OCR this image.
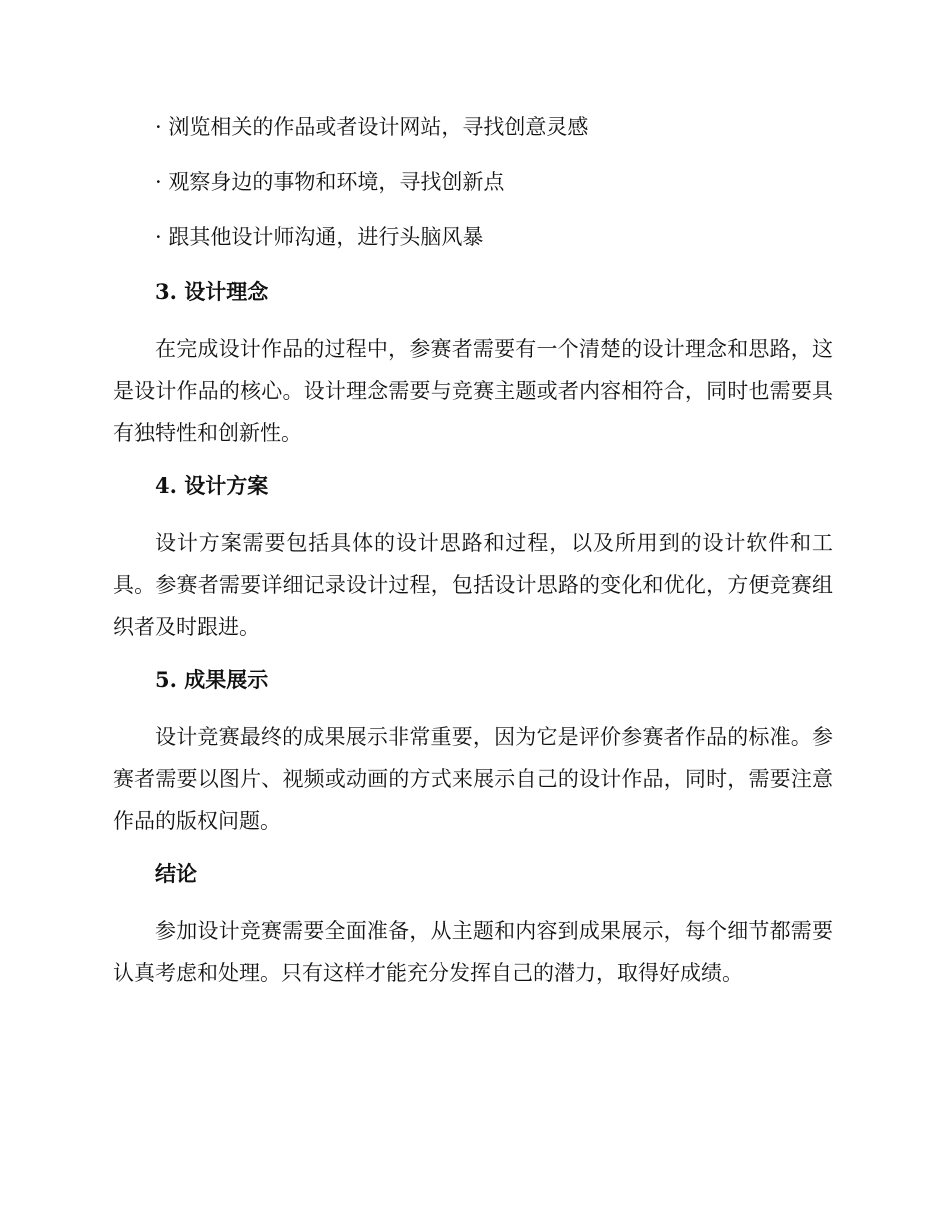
· 浏览相关的作品或者设计网站，寻找创意灵感
· 观察身边的事物和环境，寻找创新点
· 跟其他设计师沟通，进行头脑风暴
3. 设计理念
在完成设计作品的过程中，参赛者需要有一个清楚的设计理念和思路，这是设计作品的核心。设计理念需要与竞赛主题或者内容相符合，同时也需要具有独特性和创新性。
4. 设计方案
设计方案需要包括具体的设计思路和过程，以及所用到的设计软件和工具。参赛者需要详细记录设计过程，包括设计思路的变化和优化，方便竞赛组织者及时跟进。
5. 成果展示
设计竞赛最终的成果展示非常重要，因为它是评价参赛者作品的标准。参赛者需要以图片、视频或动画的方式来展示自己的设计作品，同时，需要注意作品的版权问题。
结论
参加设计竞赛需要全面准备，从主题和内容到成果展示，每个细节都需要认真考虑和处理。只有这样才能充分发挥自己的潜力，取得好成绩。
